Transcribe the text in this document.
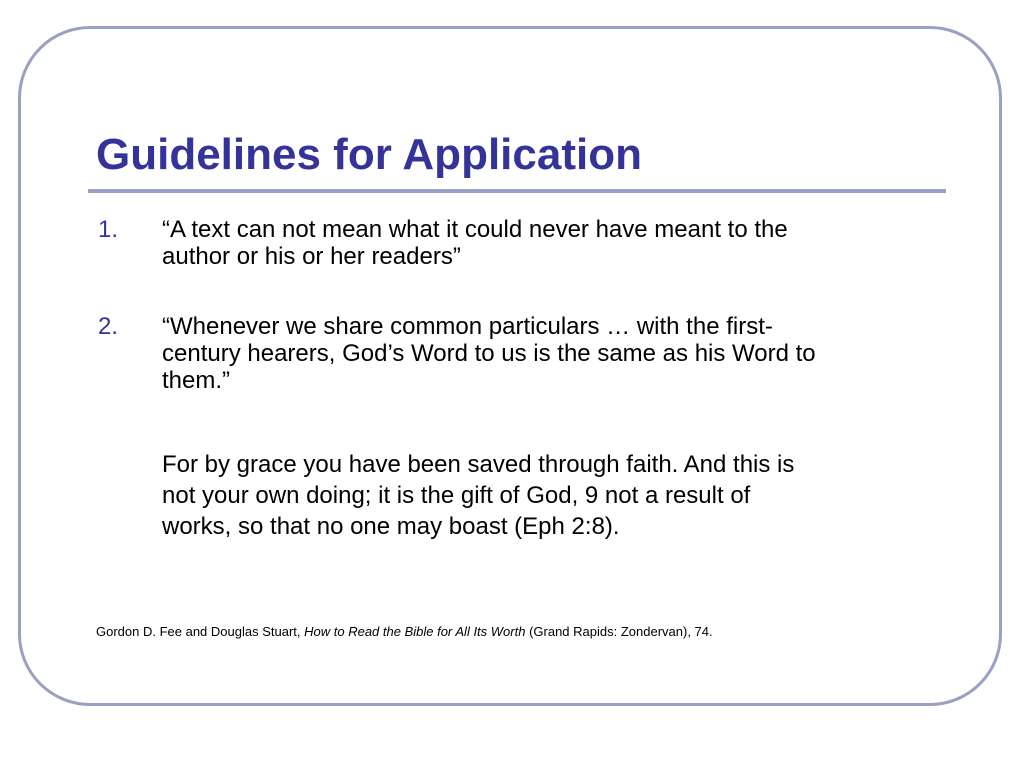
Guidelines for Application
1. “A text can not mean what it could never have meant to the
author or his or her readers”
2. “Whenever we share common particulars … with the first-
century hearers, God’s Word to us is the same as his Word to
them.”
For by grace you have been saved through faith. And this is
not your own doing; it is the gift of God, 9 not a result of
works, so that no one may boast (Eph 2:8).
Gordon D. Fee and Douglas Stuart, How to Read the Bible for All Its Worth (Grand Rapids: Zondervan), 74.
